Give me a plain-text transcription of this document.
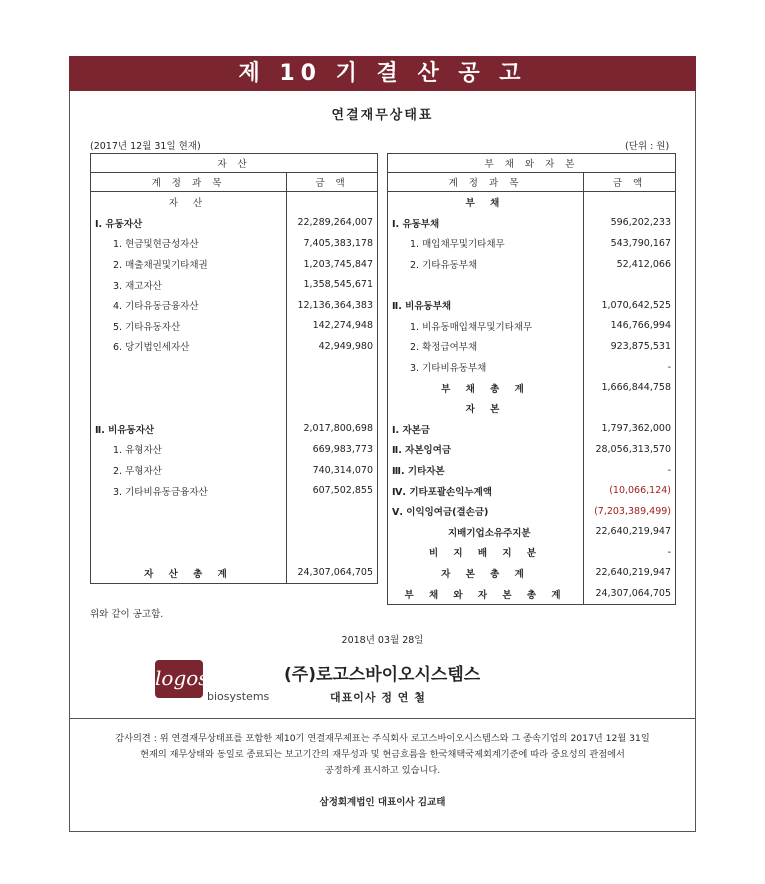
제 10 기 결 산 공 고
연결재무상태표
(2017년 12월 31일 현재)	(단위 : 원)
자 산	
계 정 과 목	금 액
자 산	
Ⅰ. 유동자산	22,289,264,007
1. 현금및현금성자산	7,405,383,178
2. 매출채권및기타채권	1,203,745,847
3. 재고자산	1,358,545,671
4. 기타유동금융자산	12,136,364,383
5. 기타유동자산	142,274,948
6. 당기법인세자산	42,949,980

Ⅱ. 비유동자산	2,017,800,698
1. 유형자산	669,983,773
2. 무형자산	740,314,070
3. 기타비유동금융자산	607,502,855

자 산 총 계	24,307,064,705
부 채 와 자 본	
계 정 과 목	금 액
부 채	
Ⅰ. 유동부채	596,202,233
1. 매입채무및기타채무	543,790,167
2. 기타유동부채	52,412,066

Ⅱ. 비유동부채	1,070,642,525
1. 비유동매입채무및기타채무	146,766,994
2. 확정급여부채	923,875,531
3. 기타비유동부채	-
부 채 총 계	1,666,844,758
자 본	
Ⅰ. 자본금	1,797,362,000
Ⅱ. 자본잉여금	28,056,313,570
Ⅲ. 기타자본	-
Ⅳ. 기타포괄손익누계액	(10,066,124)
Ⅴ. 이익잉여금(결손금)	(7,203,389,499)
지배기업소유주지분	22,640,219,947
비 지 배 지 분	-
자 본 총 계	22,640,219,947
부 채 와 자 본 총 계	24,307,064,705
위와 같이 공고함.
2018년 03월 28일
logos
biosystems
(주)로고스바이오시스템스
대표이사 정 연 철
감사의견 : 위 연결재무상태표를 포함한 제10기 연결재무제표는 주식회사 로고스바이오시스템스와 그 종속기업의 2017년 12월 31일
현재의 재무상태와 동일로 종료되는 보고기간의 재무성과 및 현금흐름을 한국채택국제회계기준에 따라 중요성의 관점에서
공정하게 표시하고 있습니다.
삼정회계법인 대표이사 김교태
